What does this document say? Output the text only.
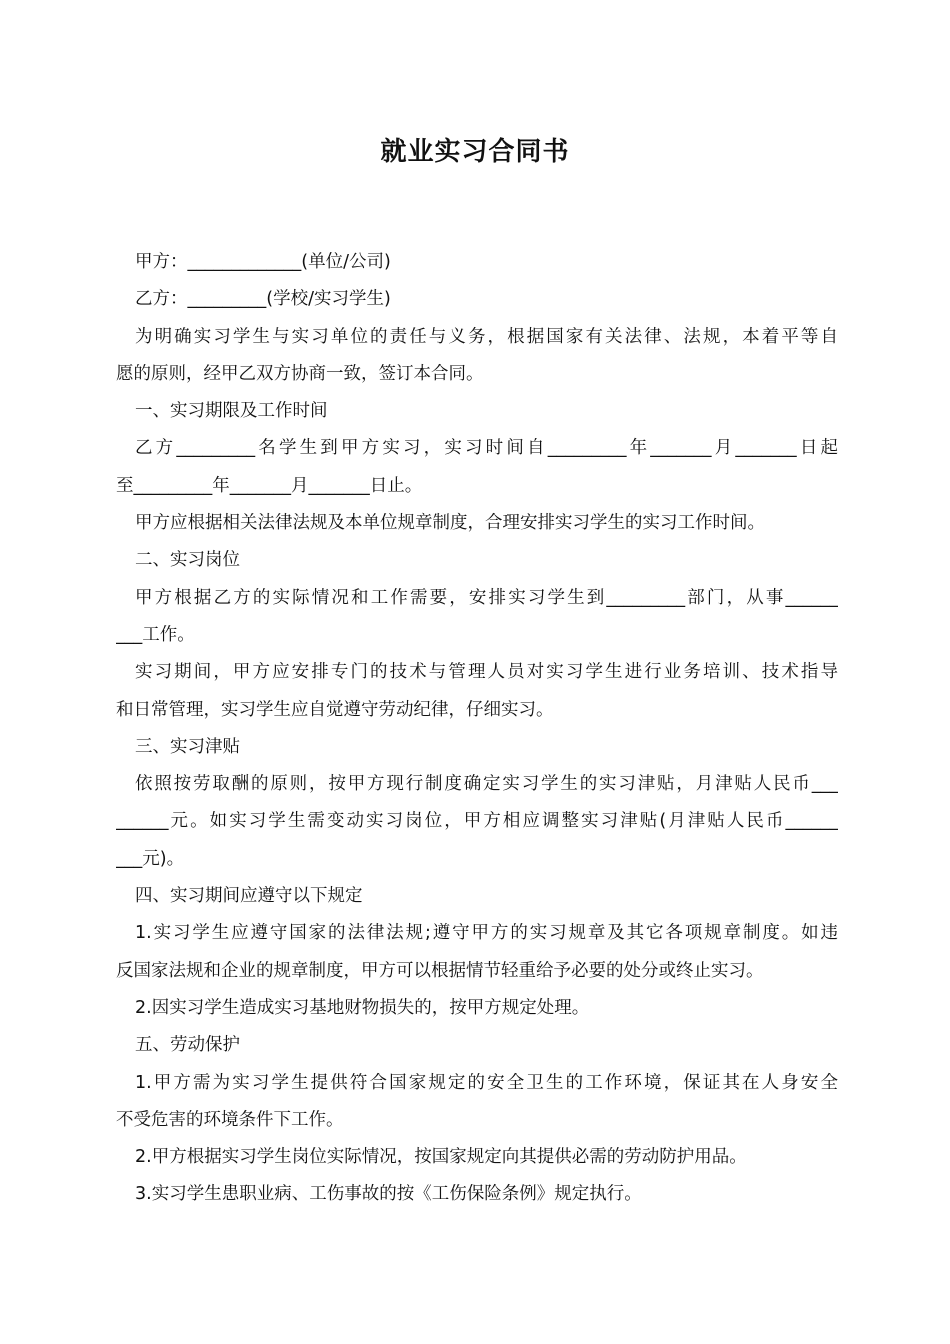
就业实习合同书
甲方：_____________(单位/公司)
乙方：_________(学校/实习学生)
为明确实习学生与实习单位的责任与义务，根据国家有关法律、法规，本着平等自
愿的原则，经甲乙双方协商一致，签订本合同。
一、实习期限及工作时间
乙方_________名学生到甲方实习，实习时间自_________年_______月_______日起
至_________年_______月_______日止。
甲方应根据相关法律法规及本单位规章制度，合理安排实习学生的实习工作时间。
二、实习岗位
甲方根据乙方的实际情况和工作需要，安排实习学生到_________部门，从事______
___工作。
实习期间，甲方应安排专门的技术与管理人员对实习学生进行业务培训、技术指导
和日常管理，实习学生应自觉遵守劳动纪律，仔细实习。
三、实习津贴
依照按劳取酬的原则，按甲方现行制度确定实习学生的实习津贴，月津贴人民币___
______元。如实习学生需变动实习岗位，甲方相应调整实习津贴(月津贴人民币______
___元)。
四、实习期间应遵守以下规定
1.实习学生应遵守国家的法律法规;遵守甲方的实习规章及其它各项规章制度。如违
反国家法规和企业的规章制度，甲方可以根据情节轻重给予必要的处分或终止实习。
2.因实习学生造成实习基地财物损失的，按甲方规定处理。
五、劳动保护
1.甲方需为实习学生提供符合国家规定的安全卫生的工作环境，保证其在人身安全
不受危害的环境条件下工作。
2.甲方根据实习学生岗位实际情况，按国家规定向其提供必需的劳动防护用品。
3.实习学生患职业病、工伤事故的按《工伤保险条例》规定执行。
